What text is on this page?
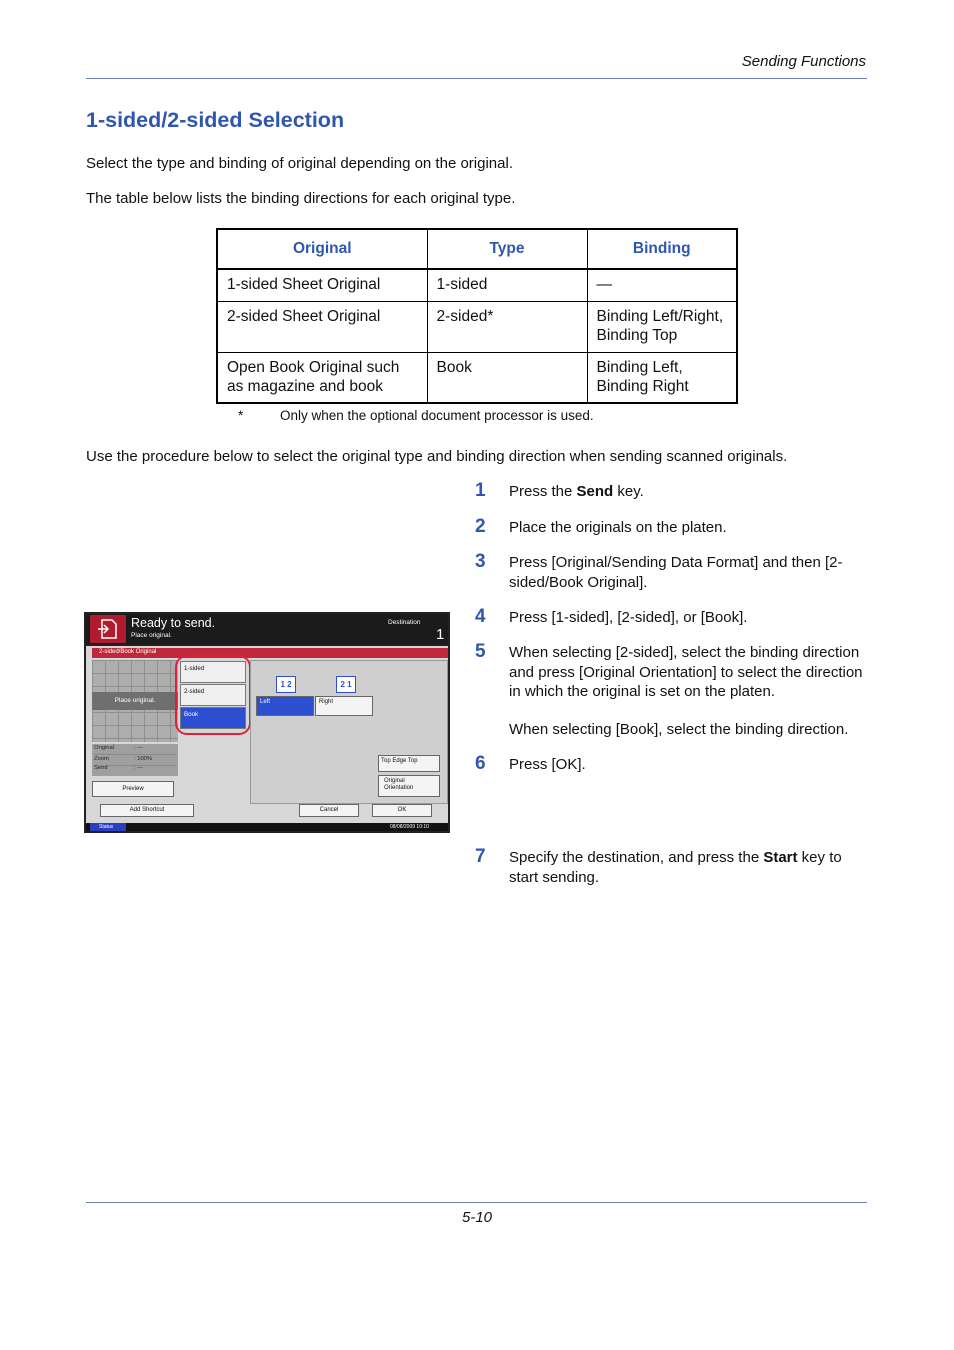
Sending Functions
1-sided/2-sided Selection
Select the type and binding of original depending on the original.
The table below lists the binding directions for each original type.
Original	Type	Binding
1-sided Sheet Original	1-sided	—
2-sided Sheet Original	2-sided*	Binding Left/Right, Binding Top
Open Book Original such as magazine and book	Book	Binding Left, Binding Right
*	Only when the optional document processor is used.
Use the procedure below to select the original type and binding direction when sending scanned originals.
1 Press the Send key.
2 Place the originals on the platen.
3 Press [Original/Sending Data Format] and then [2-sided/Book Original].
4 Press [1-sided], [2-sided], or [Book].
5 When selecting [2-sided], select the binding direction and press [Original Orientation] to select the direction in which the original is set on the platen.
When selecting [Book], select the binding direction.
6 Press [OK].
7 Specify the destination, and press the Start key to start sending.
Ready to send.
Place original.
Destination
1
2-sided/Book Original
Place original.
Original	: ---
Zoom	: 100%
Send	: ---
Preview
1-sided
2-sided
Book
1 2	2 1
Left	Right
Top Edge Top
Original Orientation
Add Shortcut	Cancel	OK
Status	08/08/2009 10:10
5-10
